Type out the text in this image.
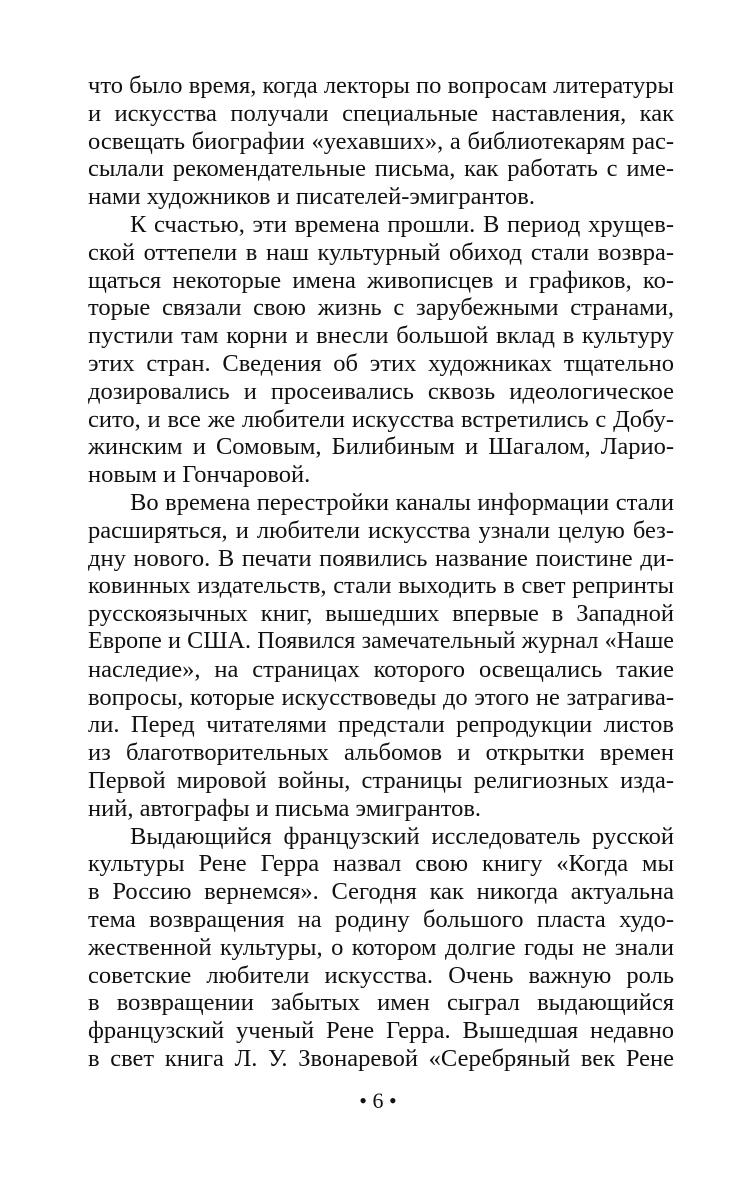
что было время, когда лекторы по вопросам литературы
и искусства получали специальные наставления, как
освещать биографии «уехавших», а библиотекарям рас-
сылали рекомендательные письма, как работать с име-
нами художников и писателей-эмигрантов.
К счастью, эти времена прошли. В период хрущев-
ской оттепели в наш культурный обиход стали возвра-
щаться некоторые имена живописцев и графиков, ко-
торые связали свою жизнь с зарубежными странами,
пустили там корни и внесли большой вклад в культуру
этих стран. Сведения об этих художниках тщательно
дозировались и просеивались сквозь идеологическое
сито, и все же любители искусства встретились с Добу-
жинским и Сомовым, Билибиным и Шагалом, Ларио-
новым и Гончаровой.
Во времена перестройки каналы информации стали
расширяться, и любители искусства узнали целую без-
дну нового. В печати появились название поистине ди-
ковинных издательств, стали выходить в свет репринты
русскоязычных книг, вышедших впервые в Западной
Европе и США. Появился замечательный журнал «Наше
наследие», на страницах которого освещались такие
вопросы, которые искусствоведы до этого не затрагива-
ли. Перед читателями предстали репродукции листов
из благотворительных альбомов и открытки времен
Первой мировой войны, страницы религиозных изда-
ний, автографы и письма эмигрантов.
Выдающийся французский исследователь русской
культуры Рене Герра назвал свою книгу «Когда мы
в Россию вернемся». Сегодня как никогда актуальна
тема возвращения на родину большого пласта худо-
жественной культуры, о котором долгие годы не знали
советские любители искусства. Очень важную роль
в возвращении забытых имен сыграл выдающийся
французский ученый Рене Герра. Вышедшая недавно
в свет книга Л. У. Звонаревой «Серебряный век Рене
• 6 •
